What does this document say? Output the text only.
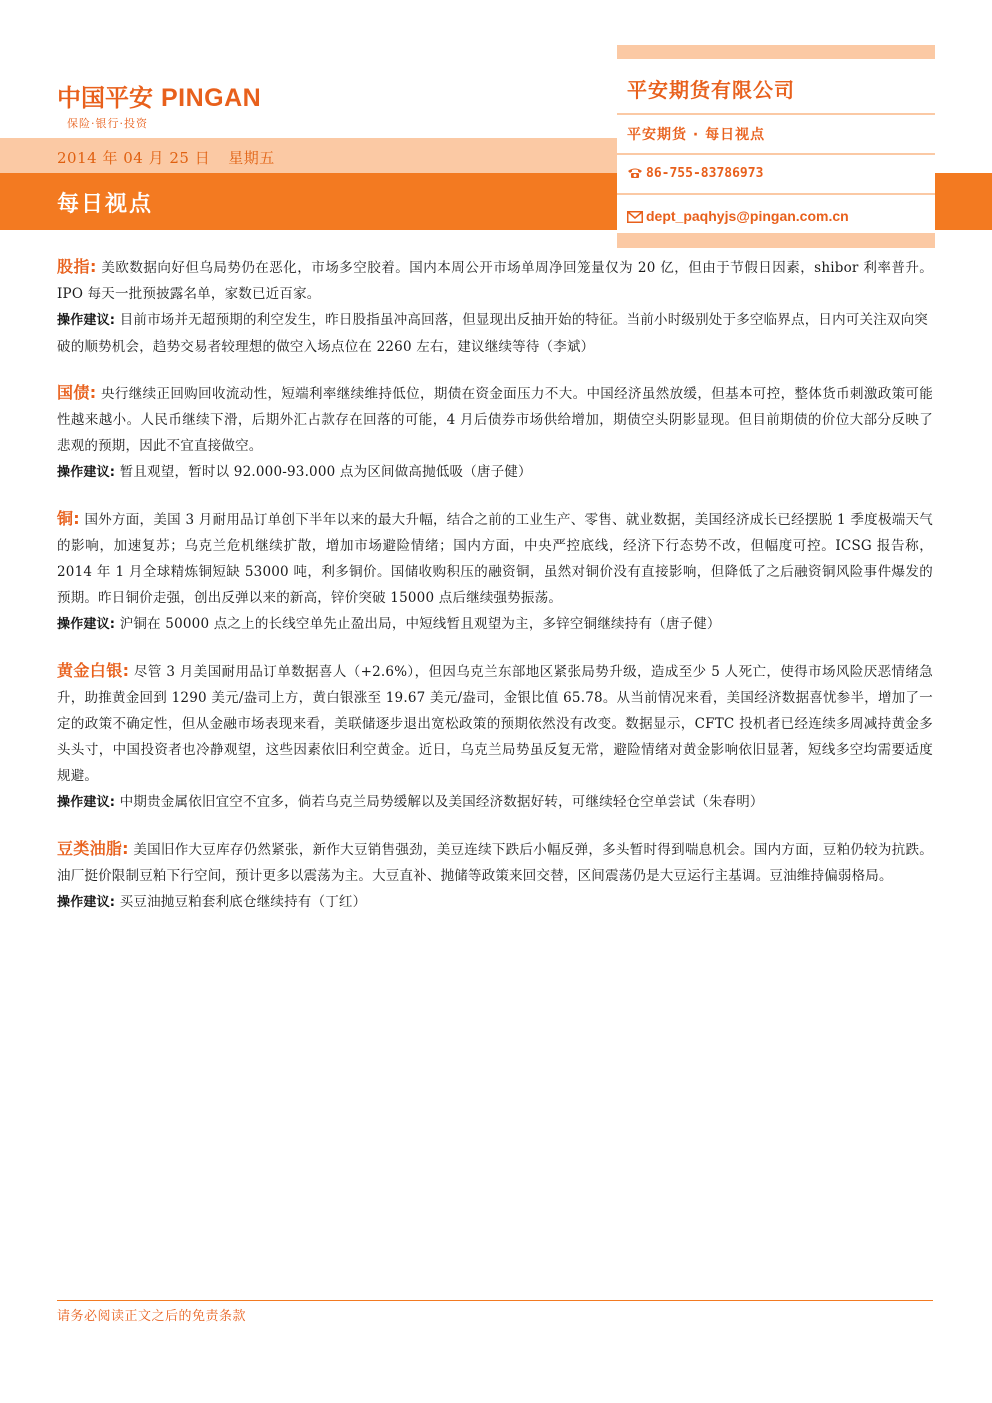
中国平安 PINGAN
保险·银行·投资
2014 年 04 月 25 日 星期五
每日视点
平安期货有限公司
平安期货 · 每日视点
86-755-83786973
dept_paqhyjs@pingan.com.cn

股指: 美欧数据向好但乌局势仍在恶化，市场多空胶着。国内本周公开市场单周净回笼量仅为 20 亿，但由于节假日因素，shibor 利率普升。IPO 每天一批预披露名单，家数已近百家。

操作建议: 目前市场并无超预期的利空发生，昨日股指虽冲高回落，但显现出反抽开始的特征。当前小时级别处于多空临界点，日内可关注双向突破的顺势机会，趋势交易者较理想的做空入场点位在 2260 左右，建议继续等待（李斌）

国债: 央行继续正回购回收流动性，短端利率继续维持低位，期债在资金面压力不大。中国经济虽然放缓，但基本可控，整体货币刺激政策可能性越来越小。人民币继续下滑，后期外汇占款存在回落的可能，4 月后债券市场供给增加，期债空头阴影显现。但目前期债的价位大部分反映了悲观的预期，因此不宜直接做空。

操作建议: 暂且观望，暂时以 92.000-93.000 点为区间做高抛低吸（唐子健）

铜: 国外方面，美国 3 月耐用品订单创下半年以来的最大升幅，结合之前的工业生产、零售、就业数据，美国经济成长已经摆脱 1 季度极端天气的影响，加速复苏；乌克兰危机继续扩散，增加市场避险情绪；国内方面，中央严控底线，经济下行态势不改，但幅度可控。ICSG 报告称，2014 年 1 月全球精炼铜短缺 53000 吨，利多铜价。国储收购积压的融资铜，虽然对铜价没有直接影响，但降低了之后融资铜风险事件爆发的预期。昨日铜价走强，创出反弹以来的新高，锌价突破 15000 点后继续强势振荡。

操作建议: 沪铜在 50000 点之上的长线空单先止盈出局，中短线暂且观望为主，多锌空铜继续持有（唐子健）

黄金白银: 尽管 3 月美国耐用品订单数据喜人（+2.6%），但因乌克兰东部地区紧张局势升级，造成至少 5 人死亡，使得市场风险厌恶情绪急升，助推黄金回到 1290 美元/盎司上方，黄白银涨至 19.67 美元/盎司，金银比值 65.78。从当前情况来看，美国经济数据喜忧参半，增加了一定的政策不确定性，但从金融市场表现来看，美联储逐步退出宽松政策的预期依然没有改变。数据显示，CFTC 投机者已经连续多周减持黄金多头头寸，中国投资者也冷静观望，这些因素依旧利空黄金。近日，乌克兰局势虽反复无常，避险情绪对黄金影响依旧显著，短线多空均需要适度规避。

操作建议: 中期贵金属依旧宜空不宜多，倘若乌克兰局势缓解以及美国经济数据好转，可继续轻仓空单尝试（朱春明）

豆类油脂: 美国旧作大豆库存仍然紧张，新作大豆销售强劲，美豆连续下跌后小幅反弹，多头暂时得到喘息机会。国内方面，豆粕仍较为抗跌。油厂挺价限制豆粕下行空间，预计更多以震荡为主。大豆直补、抛储等政策来回交替，区间震荡仍是大豆运行主基调。豆油维持偏弱格局。

操作建议: 买豆油抛豆粕套利底仓继续持有（丁红）

请务必阅读正文之后的免责条款
